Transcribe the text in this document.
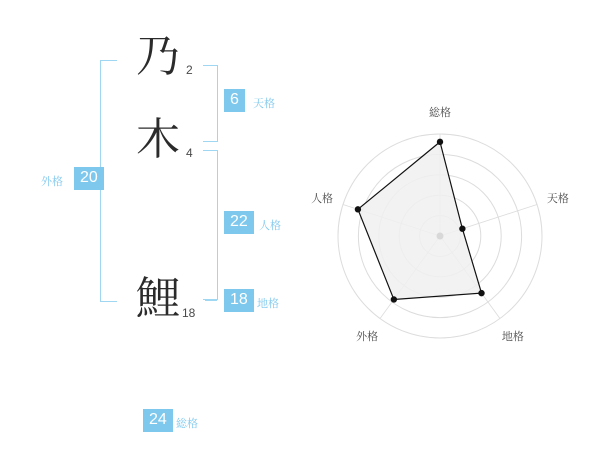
乃 2
木 4
鯉 18
6	天格
22	人格
18 地格
20
外格
24 総格
総格
天格
地格
外格
人格
